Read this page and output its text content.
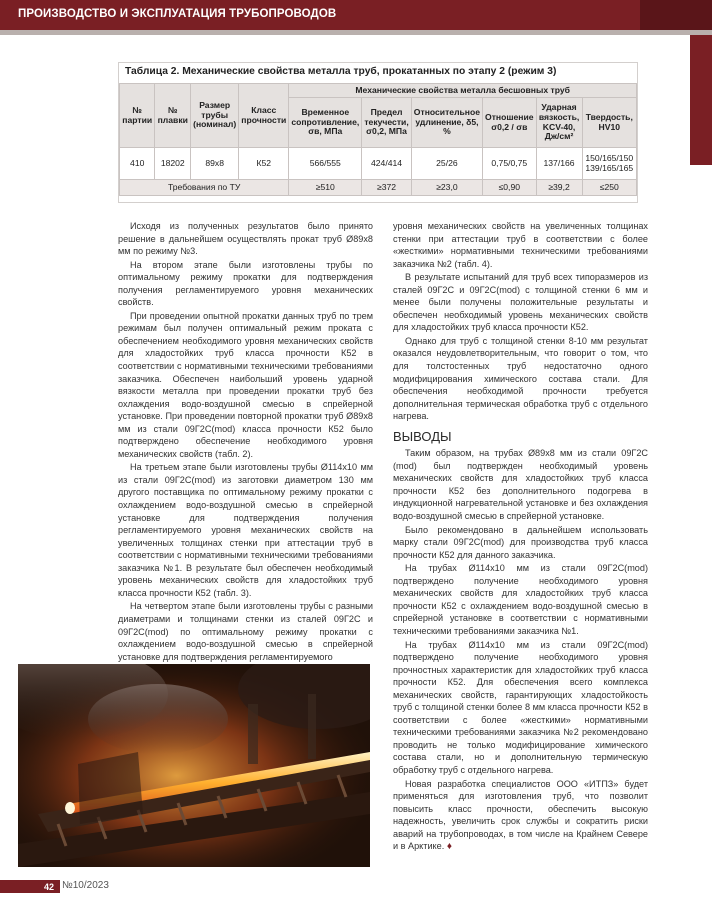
ПРОИЗВОДСТВО И ЭКСПЛУАТАЦИЯ ТРУБОПРОВОДОВ
Таблица 2. Механические свойства металла труб, прокатанных по этапу 2 (режим 3)
№ партии	№ плавки	Размер трубы (номинал)	Класс прочности	Механические свойства металла бесшовных труб					
				Временное сопротивление, σв, МПа	Предел текучести, σ0,2, МПа	Относительное удлинение, δ5, %	Отношение σ0,2 / σв	Ударная вязкость, KCV-40, Дж/см²	Твердость, HV10
410	18202	89x8	К52	566/555	424/414	25/26	0,75/0,75	137/166	150/165/150
139/165/165
Требования по ТУ				≥510	≥372	≥23,0	≤0,90	≥39,2	≤250

Исходя из полученных результатов было принято решение в дальнейшем осуществлять прокат труб Ø89x8 мм по режиму №3.

На втором этапе были изготовлены трубы по оптимальному режиму прокатки для подтверждения получения регламентируемого уровня механических свойств.

При проведении опытной прокатки данных труб по трем режимам был получен оптимальный режим проката с обеспечением необходимого уровня механических свойств для хладостойких труб класса прочности К52 в соответствии с нормативными техническими требованиями заказчика. Обеспечен наибольший уровень ударной вязкости металла при проведении прокатки труб без охлаждения водо-воздушной смесью в спрейерной установке. При проведении повторной прокатки труб Ø89x8 мм из стали 09Г2С(mod) класса прочности К52 было подтверждено обеспечение необходимого уровня механических свойств (табл. 2).

На третьем этапе были изготовлены трубы Ø114x10 мм из стали 09Г2С(mod) из заготовки диаметром 130 мм другого поставщика по оптимальному режиму прокатки с охлаждением водо-воздушной смесью в спрейерной установке для подтверждения получения регламентируемого уровня механических свойств на увеличенных толщинах стенки при аттестации труб в соответствии с нормативными техническими требованиями заказчика №1. В результате был обеспечен необходимый уровень механических свойств для хладостойких труб класса прочности К52 (табл. 3).

На четвертом этапе были изготовлены трубы с разными диаметрами и толщинами стенки из сталей 09Г2С и 09Г2С(mod) по оптимальному режиму прокатки с охлаждением водо-воздушной смесью в спрейерной установке для подтверждения регламентируемого

уровня механических свойств на увеличенных толщинах стенки при аттестации труб в соответствии с более «жесткими» нормативными техническими требованиями заказчика №2 (табл. 4).

В результате испытаний для труб всех типоразмеров из сталей 09Г2С и 09Г2С(mod) с толщиной стенки 6 мм и менее были получены положительные результаты и обеспечен необходимый уровень механических свойств для хладостойких труб класса прочности К52.

Однако для труб с толщиной стенки 8-10 мм результат оказался неудовлетворительным, что говорит о том, что для толстостенных труб недостаточно одного модифицирования химического состава стали. Для обеспечения необходимой прочности требуется дополнительная термическая обработка труб с отдельного нагрева.

ВЫВОДЫ

Таким образом, на трубах Ø89x8 мм из стали 09Г2С (mod) был подтвержден необходимый уровень механических свойств для хладостойких труб класса прочности К52 без дополнительного подогрева в индукционной нагревательной установке и без охлаждения водо-воздушной смесью в спрейерной установке.

Было рекомендовано в дальнейшем использовать марку стали 09Г2С(mod) для производства труб класса прочности К52 для данного заказчика.

На трубах Ø114x10 мм из стали 09Г2С(mod) подтверждено получение необходимого уровня механических свойств для хладостойких труб класса прочности К52 с охлаждением водо-воздушной смесью в спрейерной установке в соответствии с нормативными техническими требованиями заказчика №1.

На трубах Ø114x10 мм из стали 09Г2С(mod) подтверждено получение необходимого уровня прочностных характеристик для хладостойких труб класса прочности К52. Для обеспечения всего комплекса механических свойств, гарантирующих хладостойкость труб с толщиной стенки более 8 мм класса прочности К52 в соответствии с более «жесткими» нормативными техническими требованиями заказчика №2 рекомендовано проводить не только модифицирование химического состава стали, но и дополнительную термическую обработку труб с отдельного нагрева.

Новая разработка специалистов ООО «ИТПЗ» будет применяться для изготовления труб, что позволит повысить класс прочности, обеспечить высокую надежность, увеличить срок службы и сократить риски аварий на трубопроводах, в том числе на Крайнем Севере и в Арктике. ♦

42 №10/2023
